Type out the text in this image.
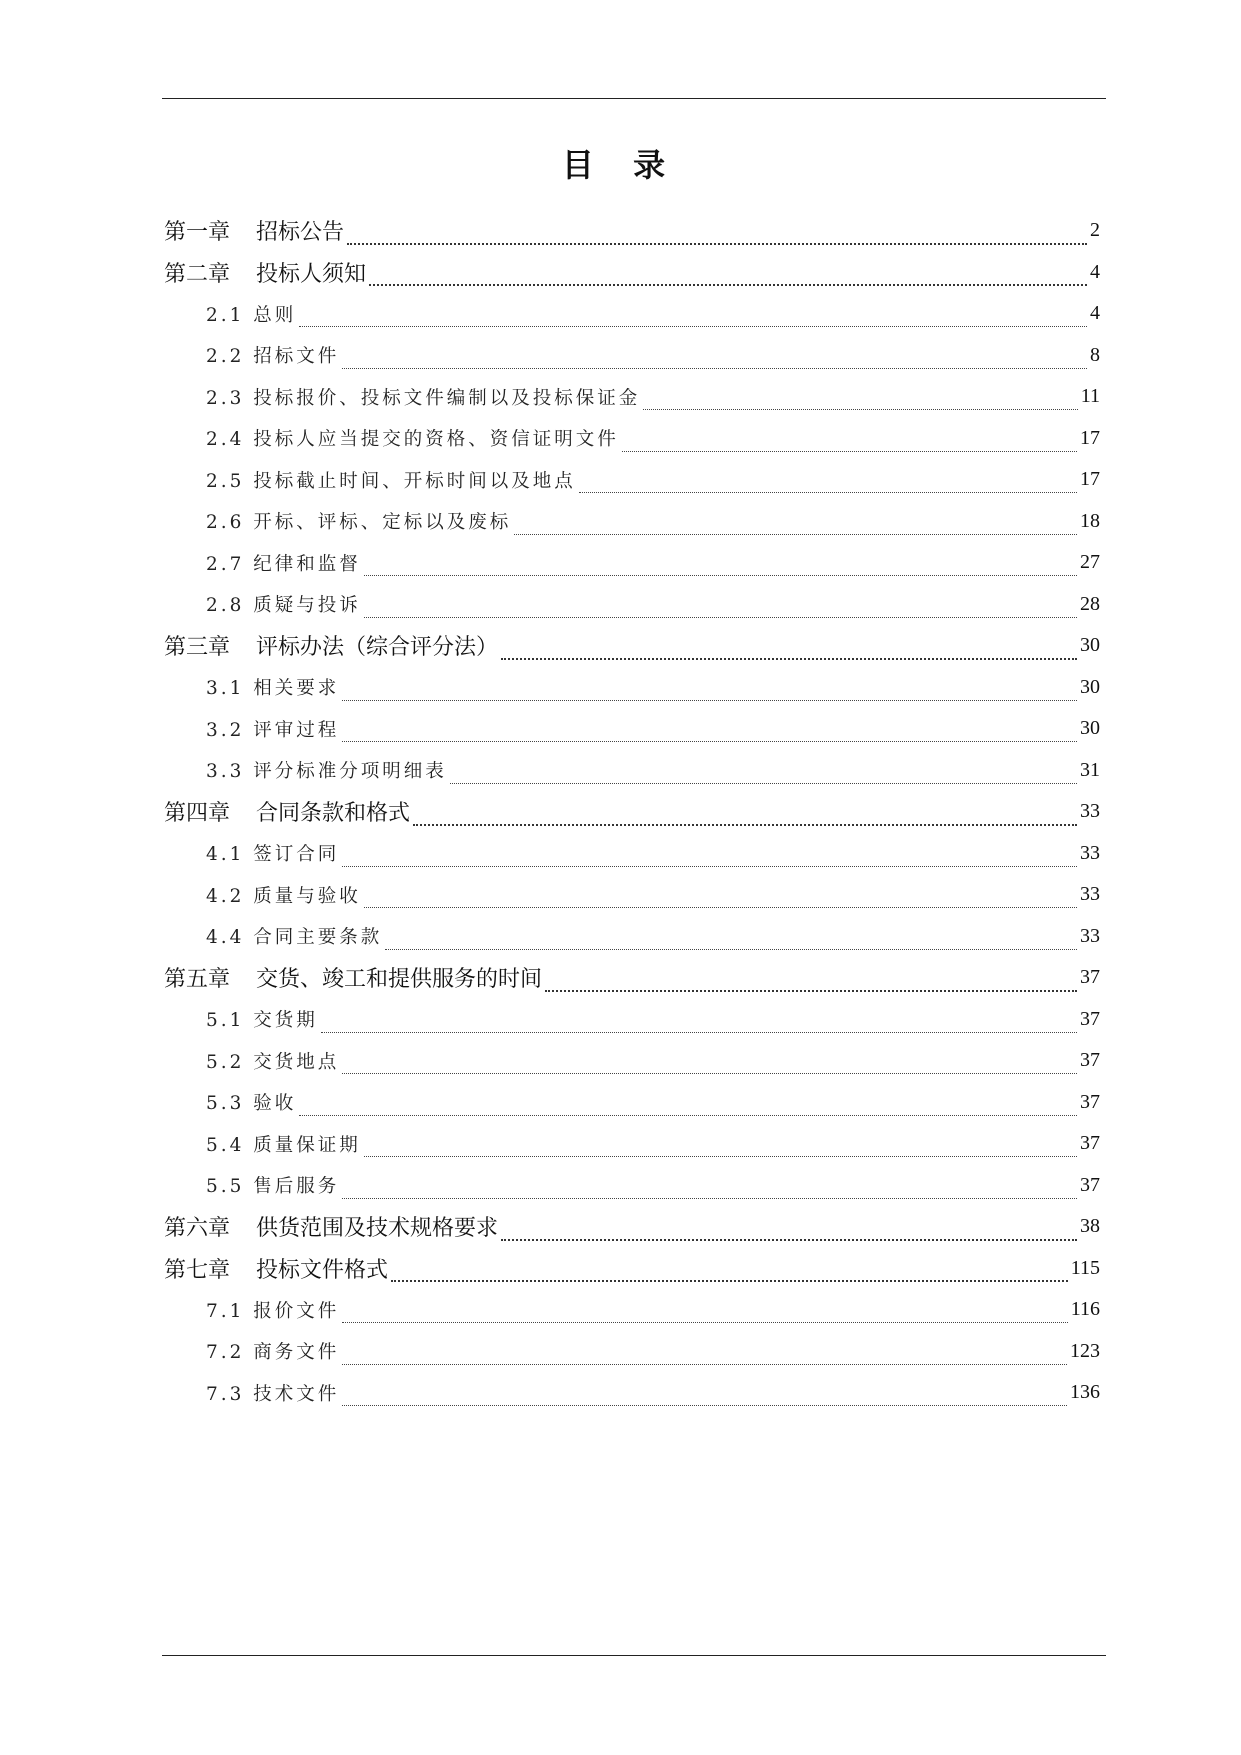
目 录
第一章 招标公告	2
第二章 投标人须知	4
2.1 总则	4
2.2 招标文件	8
2.3 投标报价、投标文件编制以及投标保证金	11
2.4 投标人应当提交的资格、资信证明文件	17
2.5 投标截止时间、开标时间以及地点	17
2.6 开标、评标、定标以及废标	18
2.7 纪律和监督	27
2.8 质疑与投诉	28
第三章 评标办法（综合评分法）	30
3.1 相关要求	30
3.2 评审过程	30
3.3 评分标准分项明细表	31
第四章 合同条款和格式	33
4.1 签订合同	33
4.2 质量与验收	33
4.4 合同主要条款	33
第五章 交货、竣工和提供服务的时间	37
5.1 交货期	37
5.2 交货地点	37
5.3 验收	37
5.4 质量保证期	37
5.5 售后服务	37
第六章 供货范围及技术规格要求	38
第七章 投标文件格式	115
7.1 报价文件	116
7.2 商务文件	123
7.3 技术文件	136
